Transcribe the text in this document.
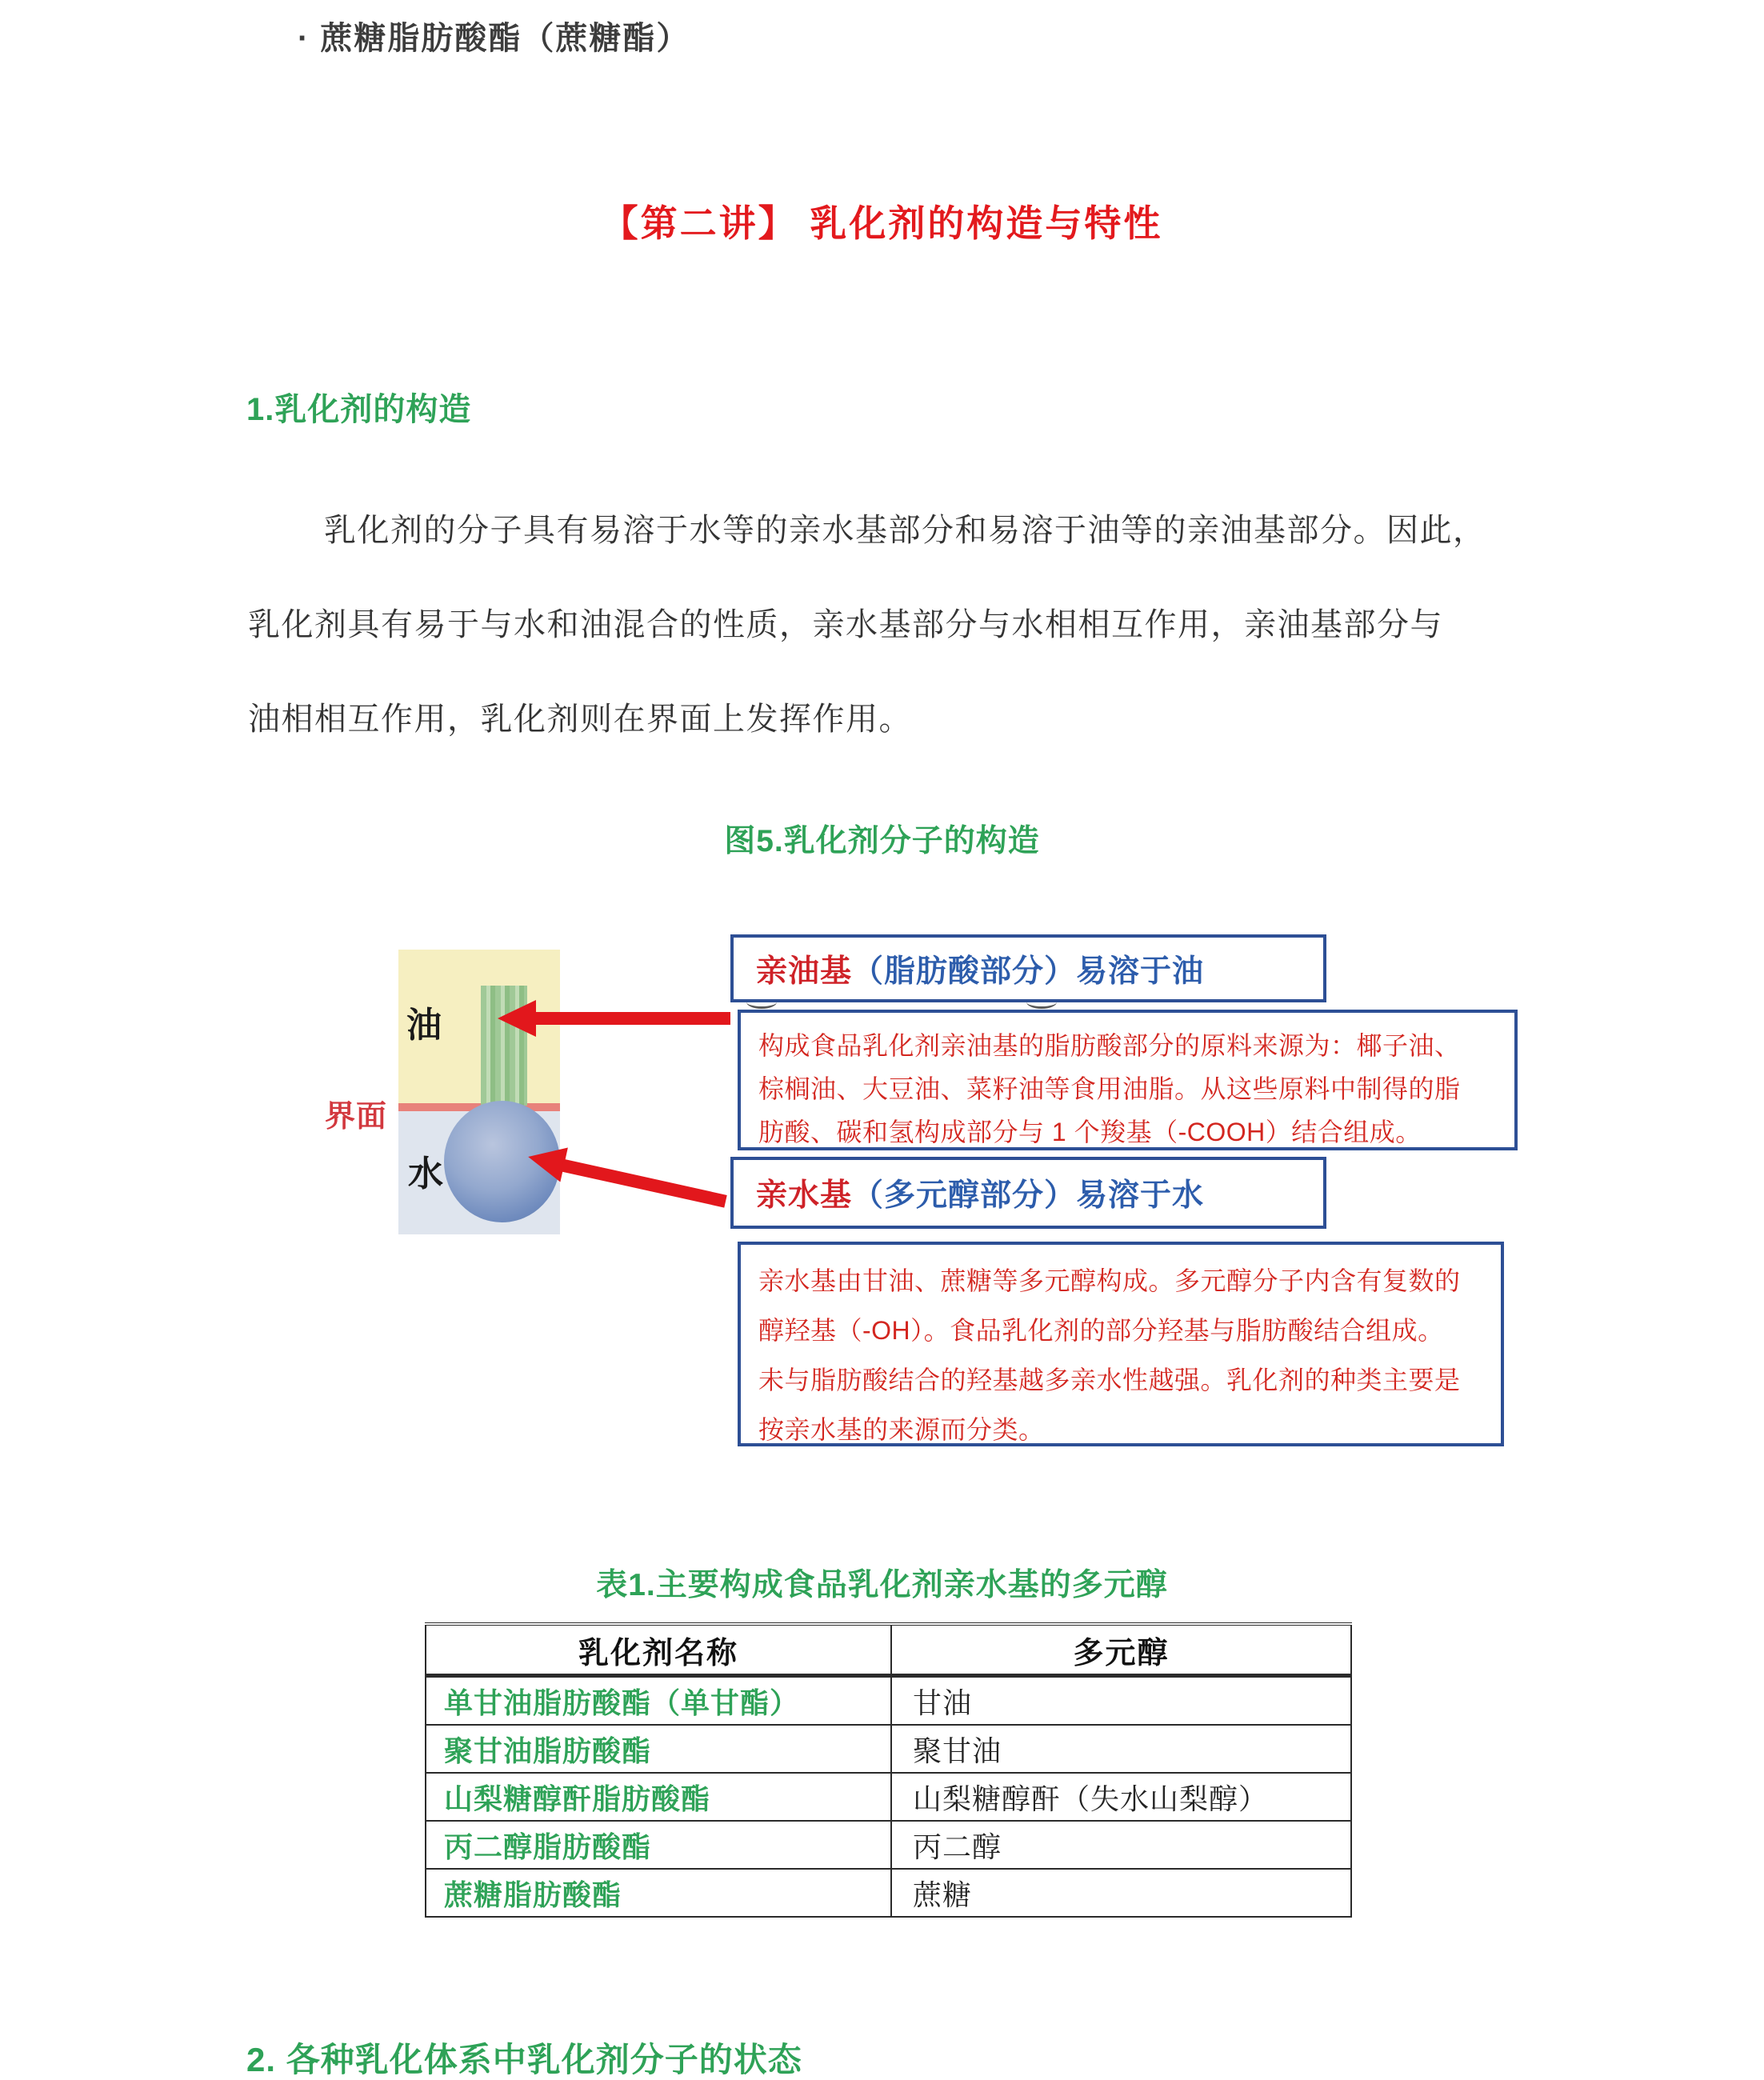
· 蔗糖脂肪酸酯（蔗糖酯）
【第二讲】 乳化剂的构造与特性
1.乳化剂的构造
乳化剂的分子具有易溶于水等的亲水基部分和易溶于油等的亲油基部分。因此，
乳化剂具有易于与水和油混合的性质，亲水基部分与水相相互作用，亲油基部分与
油相相互作用，乳化剂则在界面上发挥作用。
图5.乳化剂分子的构造
油
水
界面
亲油基 （脂肪酸部分）易溶于油
构成食品乳化剂亲油基的脂肪酸部分的原料来源为：椰子油、
棕榈油、大豆油、菜籽油等食用油脂。从这些原料中制得的脂
肪酸、碳和氢构成部分与 1 个羧基（-COOH）结合组成。
亲水基 （多元醇部分）易溶于水
亲水基由甘油、蔗糖等多元醇构成。多元醇分子内含有复数的
醇羟基（-OH）。食品乳化剂的部分羟基与脂肪酸结合组成。
未与脂肪酸结合的羟基越多亲水性越强。乳化剂的种类主要是
按亲水基的来源而分类。
表1.主要构成食品乳化剂亲水基的多元醇
乳化剂名称	多元醇
单甘油脂肪酸酯（单甘酯）	甘油
聚甘油脂肪酸酯	聚甘油
山梨糖醇酐脂肪酸酯	山梨糖醇酐（失水山梨醇）
丙二醇脂肪酸酯	丙二醇
蔗糖脂肪酸酯	蔗糖
2. 各种乳化体系中乳化剂分子的状态
